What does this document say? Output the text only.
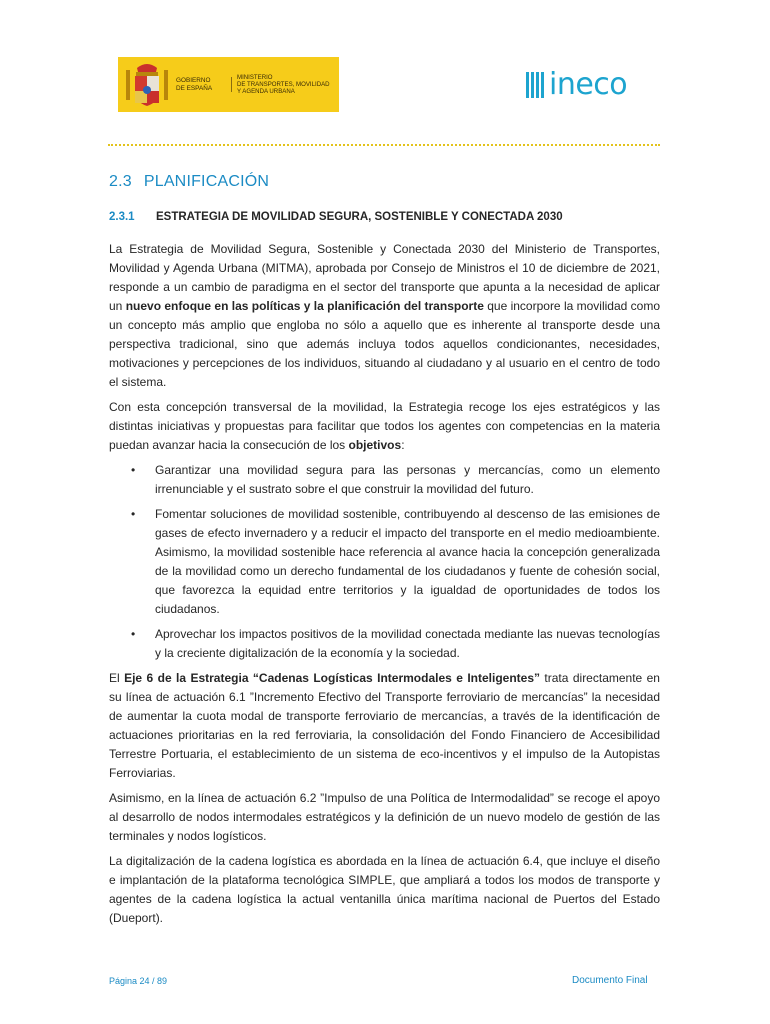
GOBIERNO
DE ESPAÑA
MINISTERIO
DE TRANSPORTES, MOVILIDAD
Y AGENDA URBANA	ineco
2.3 PLANIFICACIÓN
2.3.1 ESTRATEGIA DE MOVILIDAD SEGURA, SOSTENIBLE Y CONECTADA 2030

La Estrategia de Movilidad Segura, Sostenible y Conectada 2030 del Ministerio de Transportes, Movilidad y Agenda Urbana (MITMA), aprobada por Consejo de Ministros el 10 de diciembre de 2021, responde a un cambio de paradigma en el sector del transporte que apunta a la necesidad de aplicar un nuevo enfoque en las políticas y la planificación del transporte que incorpore la movilidad como un concepto más amplio que engloba no sólo a aquello que es inherente al transporte desde una perspectiva tradicional, sino que además incluya todos aquellos condicionantes, necesidades, motivaciones y percepciones de los individuos, situando al ciudadano y al usuario en el centro de todo el sistema.

Con esta concepción transversal de la movilidad, la Estrategia recoge los ejes estratégicos y las distintas iniciativas y propuestas para facilitar que todos los agentes con competencias en la materia puedan avanzar hacia la consecución de los objetivos:

• Garantizar una movilidad segura para las personas y mercancías, como un elemento irrenunciable y el sustrato sobre el que construir la movilidad del futuro.
• Fomentar soluciones de movilidad sostenible, contribuyendo al descenso de las emisiones de gases de efecto invernadero y a reducir el impacto del transporte en el medio medioambiente. Asimismo, la movilidad sostenible hace referencia al avance hacia la concepción generalizada de la movilidad como un derecho fundamental de los ciudadanos y fuente de cohesión social, que favorezca la equidad entre territorios y la igualdad de oportunidades de todos los ciudadanos.
• Aprovechar los impactos positivos de la movilidad conectada mediante las nuevas tecnologías y la creciente digitalización de la economía y la sociedad.

El Eje 6 de la Estrategia “Cadenas Logísticas Intermodales e Inteligentes” trata directamente en su línea de actuación 6.1 ”Incremento Efectivo del Transporte ferroviario de mercancías” la necesidad de aumentar la cuota modal de transporte ferroviario de mercancías, a través de la identificación de actuaciones prioritarias en la red ferroviaria, la consolidación del Fondo Financiero de Accesibilidad Terrestre Portuaria, el establecimiento de un sistema de eco-incentivos y el impulso de la Autopistas Ferroviarias.

Asimismo, en la línea de actuación 6.2 ”Impulso de una Política de Intermodalidad” se recoge el apoyo al desarrollo de nodos intermodales estratégicos y la definición de un nuevo modelo de gestión de las terminales y nodos logísticos.

La digitalización de la cadena logística es abordada en la línea de actuación 6.4, que incluye el diseño e implantación de la plataforma tecnológica SIMPLE, que ampliará a todos los modos de transporte y agentes de la cadena logística la actual ventanilla única marítima nacional de Puertos del Estado (Dueport).

Página 24 / 89	Documento Final
